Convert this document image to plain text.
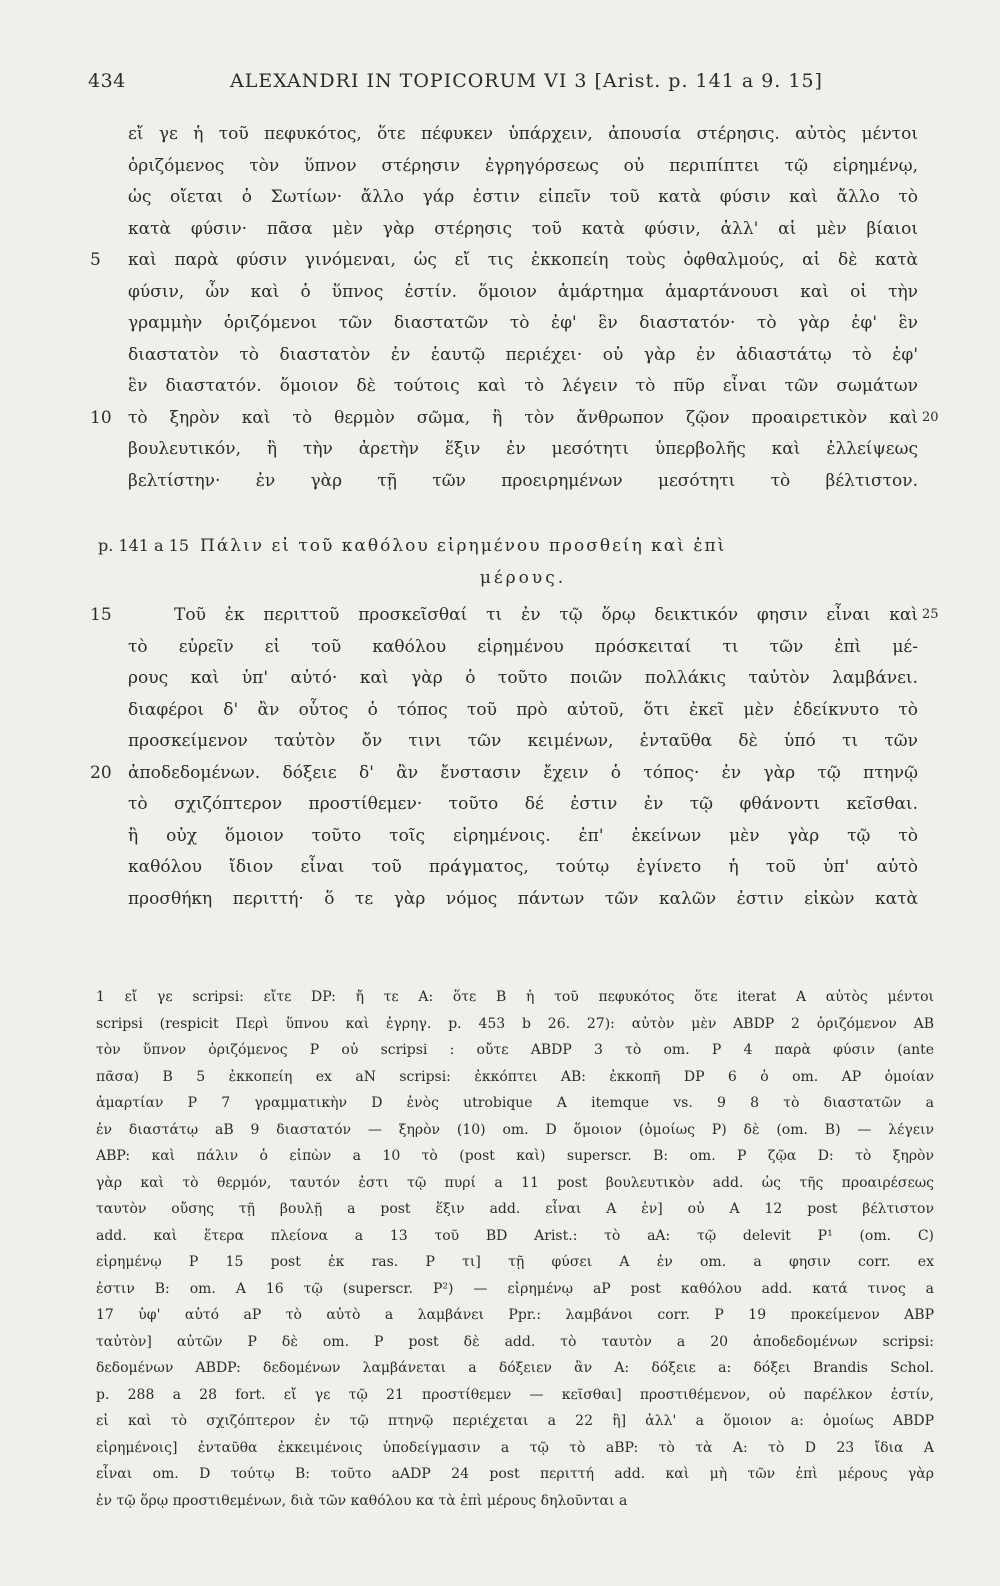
434	ALEXANDRI IN TOPICORUM VI 3 [Arist. p. 141 a 9. 15]
εἴ γε ἡ τοῦ πεφυκότος, ὅτε πέφυκεν ὑπάρχειν, ἀπουσία στέρησις. αὐτὸς μέντοι
ὁριζόμενος τὸν ὕπνον στέρησιν ἐγρηγόρσεως οὐ περιπίπτει τῷ εἰρημένῳ,
ὡς οἴεται ὁ Σωτίων· ἄλλο γάρ ἐστιν εἰπεῖν τοῦ κατὰ φύσιν καὶ ἄλλο τὸ
κατὰ φύσιν· πᾶσα μὲν γὰρ στέρησις τοῦ κατὰ φύσιν, ἀλλ' αἱ μὲν βίαιοι
5	καὶ παρὰ φύσιν γινόμεναι, ὡς εἴ τις ἐκκοπείη τοὺς ὀφθαλμούς, αἱ δὲ κατὰ
φύσιν, ὧν καὶ ὁ ὕπνος ἐστίν. ὅμοιον ἁμάρτημα ἁμαρτάνουσι καὶ οἱ τὴν
γραμμὴν ὁριζόμενοι τῶν διαστατῶν τὸ ἐφ' ἓν διαστατόν· τὸ γὰρ ἐφ' ἓν
διαστατὸν τὸ διαστατὸν ἐν ἑαυτῷ περιέχει· οὐ γὰρ ἐν ἀδιαστάτῳ τὸ ἐφ'
ἓν διαστατόν. ὅμοιον δὲ τούτοις καὶ τὸ λέγειν τὸ πῦρ εἶναι τῶν σωμάτων
10 τὸ ξηρὸν καὶ τὸ θερμὸν σῶμα, ἢ τὸν ἄνθρωπον ζῷον προαιρετικὸν καὶ 20
βουλευτικόν, ἢ τὴν ἀρετὴν ἕξιν ἐν μεσότητι ὑπερβολῆς καὶ ἐλλείψεως
βελτίστην· ἐν γὰρ τῇ τῶν προειρημένων μεσότητι τὸ βέλτιστον.
p. 141 a 15 Πάλιν εἰ τοῦ καθόλου εἰρημένου προσθείη καὶ ἐπὶ
μέρους.
15	Τοῦ ἐκ περιττοῦ προσκεῖσθαί τι ἐν τῷ ὅρῳ δεικτικόν φησιν εἶναι καὶ 25
τὸ εὑρεῖν εἰ τοῦ καθόλου εἰρημένου πρόσκειταί τι τῶν ἐπὶ μέ-
ρους καὶ ὑπ' αὐτό· καὶ γὰρ ὁ τοῦτο ποιῶν πολλάκις ταὐτὸν λαμβάνει.
διαφέροι δ' ἂν οὗτος ὁ τόπος τοῦ πρὸ αὐτοῦ, ὅτι ἐκεῖ μὲν ἐδείκνυτο τὸ
προσκείμενον ταὐτὸν ὄν τινι τῶν κειμένων, ἐνταῦθα δὲ ὑπό τι τῶν
20 ἀποδεδομένων. δόξειε δ' ἂν ἔνστασιν ἔχειν ὁ τόπος· ἐν γὰρ τῷ πτηνῷ
τὸ σχιζόπτερον προστίθεμεν· τοῦτο δέ ἐστιν ἐν τῷ φθάνοντι κεῖσθαι.
ἢ οὐχ ὅμοιον τοῦτο τοῖς εἰρημένοις. ἐπ' ἐκείνων μὲν γὰρ τῷ τὸ
καθόλου ἴδιον εἶναι τοῦ πράγματος, τούτῳ ἐγίνετο ἡ τοῦ ὑπ' αὐτὸ
προσθήκη περιττή· ὅ τε γὰρ νόμος πάντων τῶν καλῶν ἐστιν εἰκὼν κατὰ
1 εἴ γε scripsi: εἴτε DP: ἤ τε A: ὅτε B ἡ τοῦ πεφυκότος ὅτε iterat A αὐτὸς μέντοι
scripsi (respicit Περὶ ὕπνου καὶ ἐγρηγ. p. 453 b 26. 27): αὐτὸν μὲν ABDP 2 ὁριζόμενον AB
τὸν ὕπνον ὁριζόμενος P οὐ scripsi : οὔτε ABDP 3 τὸ om. P 4 παρὰ φύσιν (ante
πᾶσα) B 5 ἐκκοπείη ex aN scripsi: ἐκκόπτει AB: ἐκκοπῆ DP 6 ὁ om. AP ὁμοίαν
ἁμαρτίαν P 7 γραμματικὴν D ἑνὸς utrobique A itemque vs. 9 8 τὸ διαστατῶν a
ἐν διαστάτῳ aB 9 διαστατόν — ξηρὸν (10) om. D ὅμοιον (ὁμοίως P) δὲ (om. B) — λέγειν
ABP: καὶ πάλιν ὁ εἰπὼν a 10 τὸ (post καὶ) superscr. B: om. P ζῷα D: τὸ ξηρὸν
γὰρ καὶ τὸ θερμόν, ταυτόν ἐστι τῷ πυρί a 11 post βουλευτικὸν add. ὡς τῆς προαιρέσεως
ταυτὸν οὔσης τῇ βουλῇ a post ἕξιν add. εἶναι A ἐν] οὐ A 12 post βέλτιστον
add. καὶ ἕτερα πλείονα a 13 τοῦ BD Arist.: τὸ aA: τῷ delevit P¹ (om. C)
εἰρημένῳ P 15 post ἐκ ras. P τι] τῇ φύσει A ἐν om. a φησιν corr. ex
ἐστιν B: om. A 16 τῷ (superscr. P²) — εἰρημένῳ aP post καθόλου add. κατά τινος a
17 ὑφ' αὑτό aP τὸ αὐτὸ a λαμβάνει Ppr.: λαμβάνοι corr. P 19 προκείμενον ABP
ταὐτὸν] αὐτῶν P δὲ om. P post δὲ add. τὸ ταυτὸν a 20 ἀποδεδομένων scripsi:
δεδομένων ABDP: δεδομένων λαμβάνεται a δόξειεν ἂν A: δόξειε a: δόξει Brandis Schol.
p. 288 a 28 fort. εἴ γε τῷ 21 προστίθεμεν — κεῖσθαι] προστιθέμενον, οὐ παρέλκον ἐστίν,
εἰ καὶ τὸ σχιζόπτερον ἐν τῷ πτηνῷ περιέχεται a 22 ἢ] ἀλλ' a ὅμοιον a: ὁμοίως ABDP
εἰρημένοις] ἐνταῦθα ἐκκειμένοις ὑποδείγμασιν a τῷ τὸ aBP: τὸ τὰ A: τὸ D 23 ἴδια A
εἶναι om. D τούτῳ B: τοῦτο aADP 24 post περιττή add. καὶ μὴ τῶν ἐπὶ μέρους γὰρ
ἐν τῷ ὅρῳ προστιθεμένων, διὰ τῶν καθόλου κα τὰ ἐπὶ μέρους δηλοῦνται a
